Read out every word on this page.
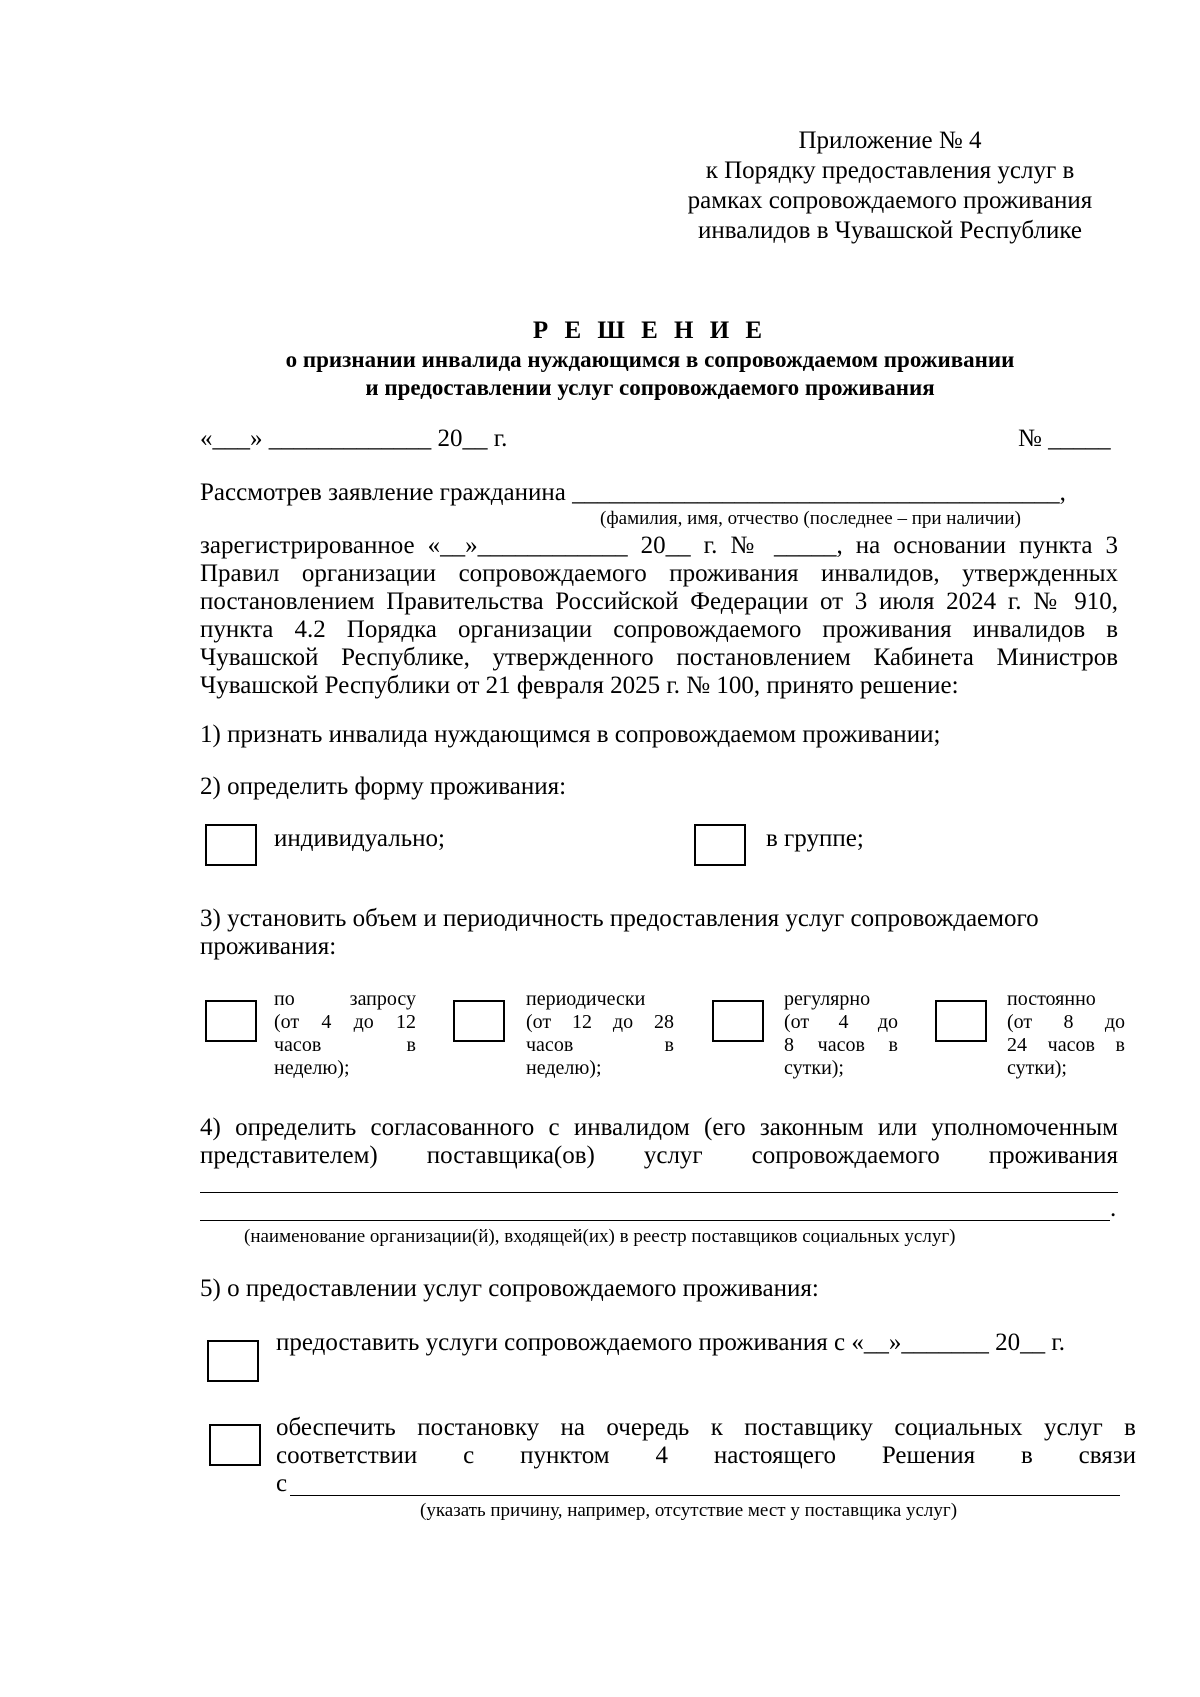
Приложение № 4
к Порядку предоставления услуг в
рамках сопровождаемого проживания
инвалидов в Чувашской Республике
Р Е Ш Е Н И Е
о признании инвалида нуждающимся в сопровождаемом проживании
и предоставлении услуг сопровождаемого проживания
«___» _____________ 20__ г.	№ _____
Рассмотрев заявление гражданина _______________________________________,
(фамилия, имя, отчество (последнее – при наличии)
зарегистрированное «__»____________ 20__ г. № _____, на основании пункта 3
Правил организации сопровождаемого проживания инвалидов, утвержденных
постановлением Правительства Российской Федерации от 3 июля 2024 г. № 910,
пункта 4.2 Порядка организации сопровождаемого проживания инвалидов в
Чувашской Республике, утвержденного постановлением Кабинета Министров
Чувашской Республики от 21 февраля 2025 г. № 100, принято решение:
1) признать инвалида нуждающимся в сопровождаемом проживании;
2) определить форму проживания:
индивидуально;	в группе;
3) установить объем и периодичность предоставления услуг сопровождаемого
проживания:
по запросу
(от 4 до 12
часов в
неделю);
периодически
(от 12 до 28
часов в
неделю);
регулярно
(от 4 до
8 часов в
сутки);
постоянно
(от 8 до
24 часов в
сутки);
4) определить согласованного с инвалидом (его законным или уполномоченным
представителем) поставщика(ов) услуг сопровождаемого проживания
.
(наименование организации(й), входящей(их) в реестр поставщиков социальных услуг)
5) о предоставлении услуг сопровождаемого проживания:
предоставить услуги сопровождаемого проживания с «__»_______ 20__ г.
обеспечить постановку на очередь к поставщику социальных услуг в
соответствии с пунктом 4 настоящего Решения в связи
с
(указать причину, например, отсутствие мест у поставщика услуг)
